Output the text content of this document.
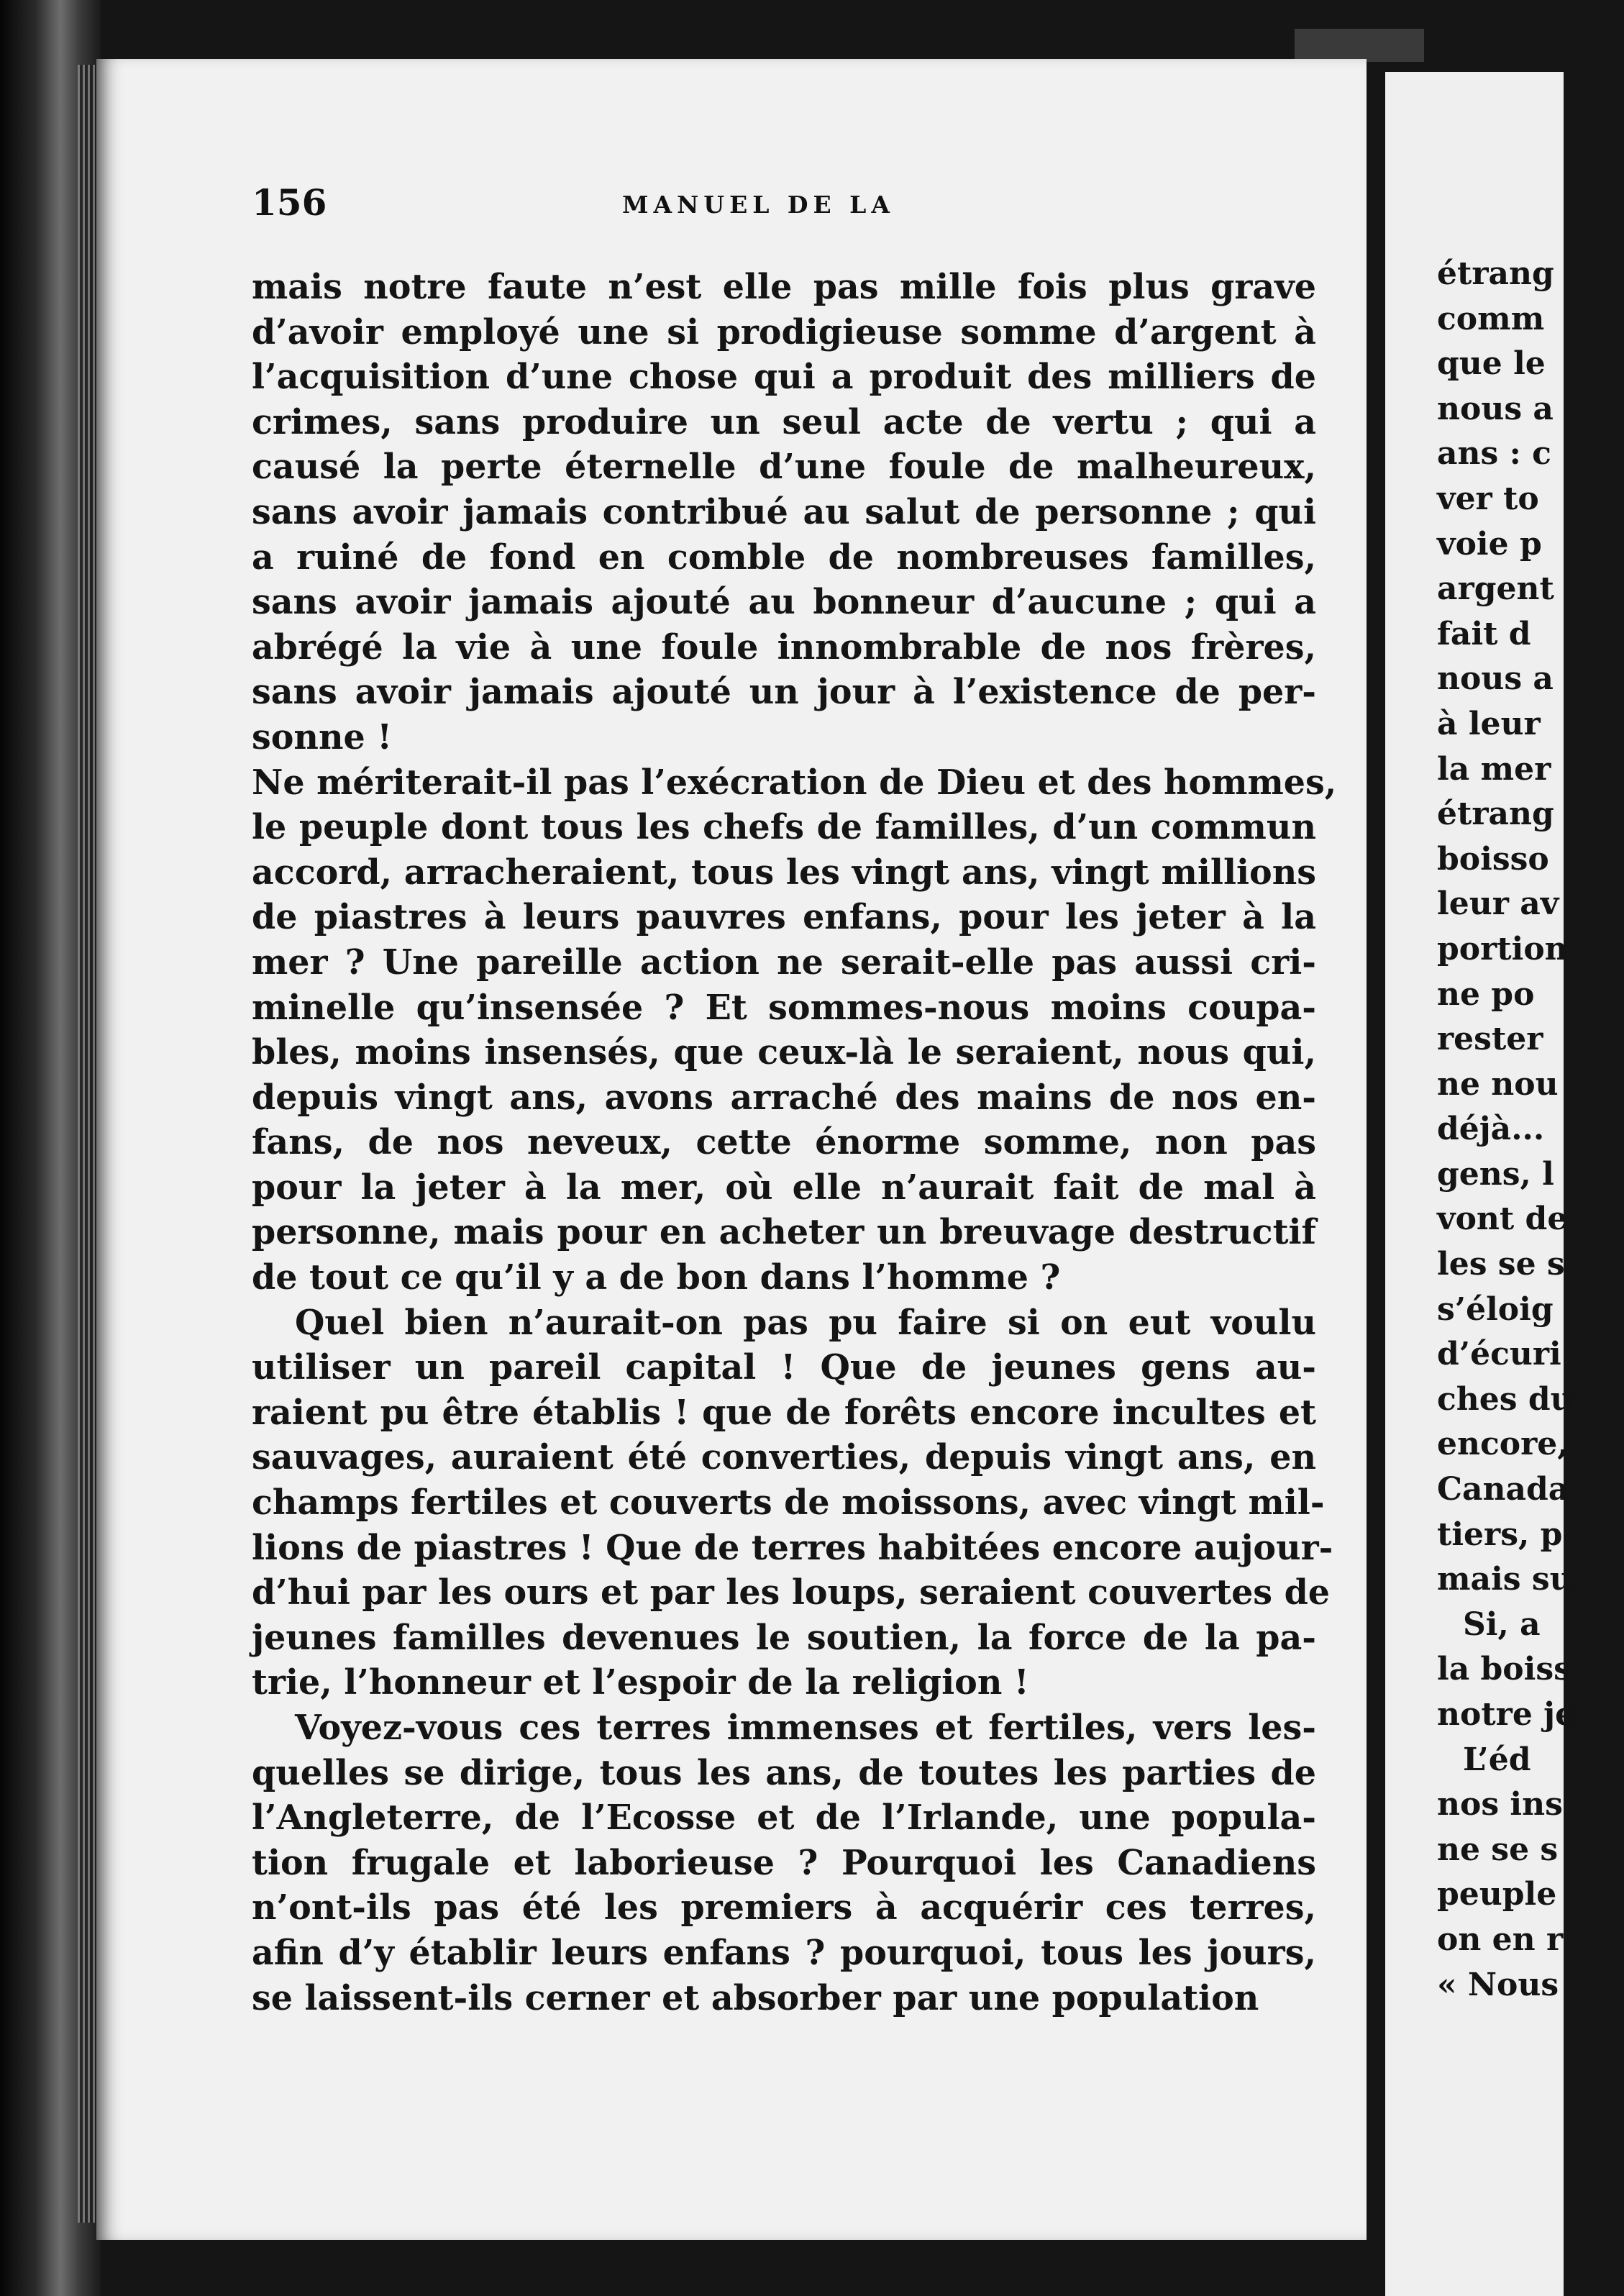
156	MANUEL DE LA
mais notre faute n’est elle pas mille fois plus grave
d’avoir employé une si prodigieuse somme d’argent à
l’acquisition d’une chose qui a produit des milliers de
crimes, sans produire un seul acte de vertu ; qui a
causé la perte éternelle d’une foule de malheureux,
sans avoir jamais contribué au salut de personne ; qui
a ruiné de fond en comble de nombreuses familles,
sans avoir jamais ajouté au bonneur d’aucune ; qui a
abrégé la vie à une foule innombrable de nos frères,
sans avoir jamais ajouté un jour à l’existence de per-
sonne !
Ne mériterait-il pas l’exécration de Dieu et des hommes,
le peuple dont tous les chefs de familles, d’un commun
accord, arracheraient, tous les vingt ans, vingt millions
de piastres à leurs pauvres enfans, pour les jeter à la
mer ? Une pareille action ne serait-elle pas aussi cri-
minelle qu’insensée ? Et sommes-nous moins coupa-
bles, moins insensés, que ceux-là le seraient, nous qui,
depuis vingt ans, avons arraché des mains de nos en-
fans, de nos neveux, cette énorme somme, non pas
pour la jeter à la mer, où elle n’aurait fait de mal à
personne, mais pour en acheter un breuvage destructif
de tout ce qu’il y a de bon dans l’homme ?
Quel bien n’aurait-on pas pu faire si on eut voulu
utiliser un pareil capital ! Que de jeunes gens au-
raient pu être établis ! que de forêts encore incultes et
sauvages, auraient été converties, depuis vingt ans, en
champs fertiles et couverts de moissons, avec vingt mil-
lions de piastres ! Que de terres habitées encore aujour-
d’hui par les ours et par les loups, seraient couvertes de
jeunes familles devenues le soutien, la force de la pa-
trie, l’honneur et l’espoir de la religion !
Voyez-vous ces terres immenses et fertiles, vers les-
quelles se dirige, tous les ans, de toutes les parties de
l’Angleterre, de l’Ecosse et de l’Irlande, une popula-
tion frugale et laborieuse ? Pourquoi les Canadiens
n’ont-ils pas été les premiers à acquérir ces terres,
afin d’y établir leurs enfans ? pourquoi, tous les jours,
se laissent-ils cerner et absorber par une population
étrang
comm
que le
nous a
ans : c
ver to
voie p
argent
fait d
nous a
à leur
la mer
étrang
boisso
leur av
portion
ne po
rester
ne nou
déjà...
gens, l
vont de
les se s
s’éloig
d’écuri
ches du
encore,
Canada
tiers, p
mais su
Si, a
la boiss
notre je
L’éd
nos ins
ne se s
peuple
on en r
« Nous
